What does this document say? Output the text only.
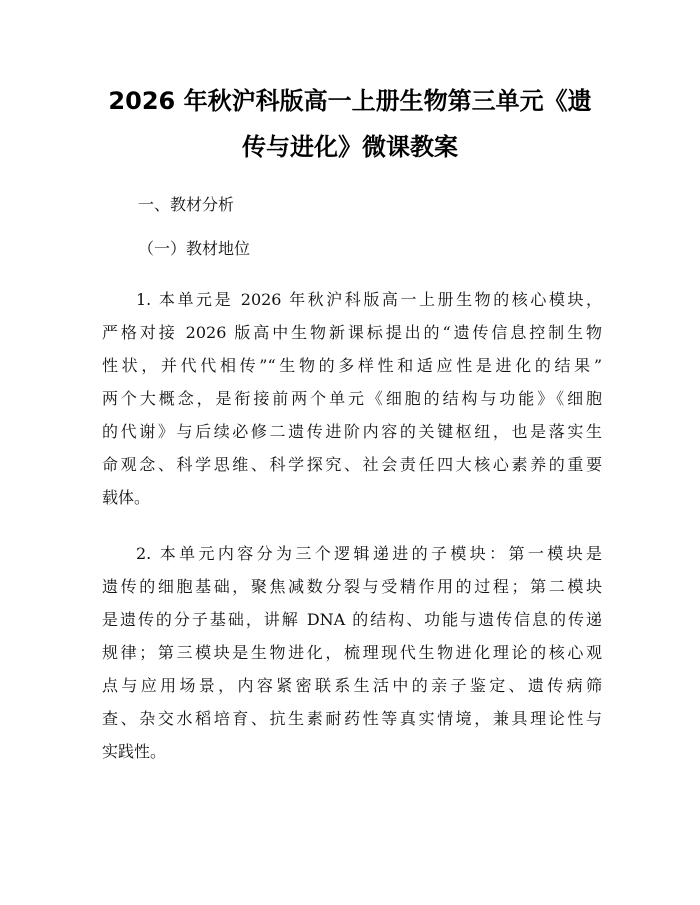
2026 年秋沪科版高一上册生物第三单元《遗
传与进化》微课教案

一、教材分析

（一）教材地位

1. 本单元是 2026 年秋沪科版高一上册生物的核心模块，
严格对接 2026 版高中生物新课标提出的“遗传信息控制生物
性状，并代代相传”“生物的多样性和适应性是进化的结果”
两个大概念，是衔接前两个单元《细胞的结构与功能》《细胞
的代谢》与后续必修二遗传进阶内容的关键枢纽，也是落实生
命观念、科学思维、科学探究、社会责任四大核心素养的重要
载体。

2. 本单元内容分为三个逻辑递进的子模块：第一模块是
遗传的细胞基础，聚焦减数分裂与受精作用的过程；第二模块
是遗传的分子基础，讲解 DNA 的结构、功能与遗传信息的传递
规律；第三模块是生物进化，梳理现代生物进化理论的核心观
点与应用场景，内容紧密联系生活中的亲子鉴定、遗传病筛
查、杂交水稻培育、抗生素耐药性等真实情境，兼具理论性与
实践性。
